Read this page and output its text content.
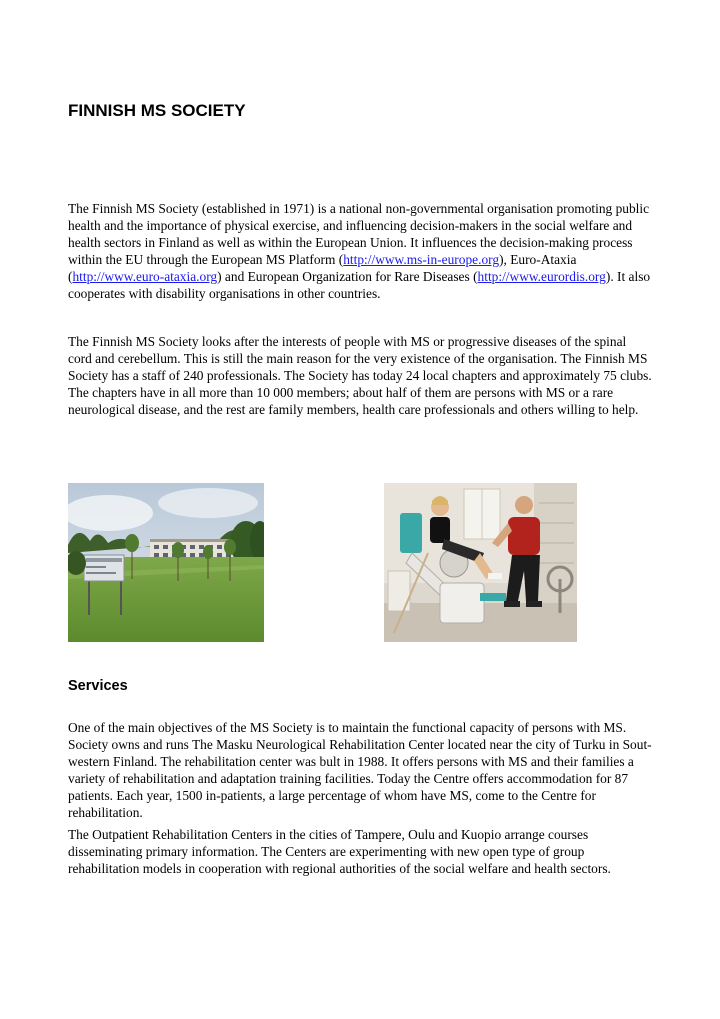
FINNISH MS SOCIETY

The Finnish MS Society (established in 1971) is a national non-governmental organisation promoting public health and the importance of physical exercise, and influencing decision-makers in the social welfare and health sectors in Finland as well as within the European Union. It influences the decision-making process within the EU through the European MS Platform (http://www.ms-in-europe.org), Euro-Ataxia (http://www.euro-ataxia.org) and European Organization for Rare Diseases (http://www.eurordis.org). It also cooperates with disability organisations in other countries.

The Finnish MS Society looks after the interests of people with MS or progressive diseases of the spinal cord and cerebellum. This is still the main reason for the very existence of the organisation. The Finnish MS Society has a staff of 240 professionals. The Society has today 24 local chapters and approximately 75 clubs. The chapters have in all more than 10 000 members; about half of them are persons with MS or a rare neurological disease, and the rest are family members, health care professionals and others willing to help.

Services

One of the main objectives of the MS Society is to maintain the functional capacity of persons with MS. Society owns and runs The Masku Neurological Rehabilitation Center located near the city of Turku in Sout-western Finland. The rehabilitation center was bult in 1988. It offers persons with MS and their families a variety of rehabilitation and adaptation training facilities. Today the Centre offers accommodation for 87 patients. Each year, 1500 in-patients, a large percentage of whom have MS, come to the Centre for rehabilitation.

The Outpatient Rehabilitation Centers in the cities of Tampere, Oulu and Kuopio arrange courses disseminating primary information. The Centers are experimenting with new open type of group rehabilitation models in cooperation with regional authorities of the social welfare and health sectors.
